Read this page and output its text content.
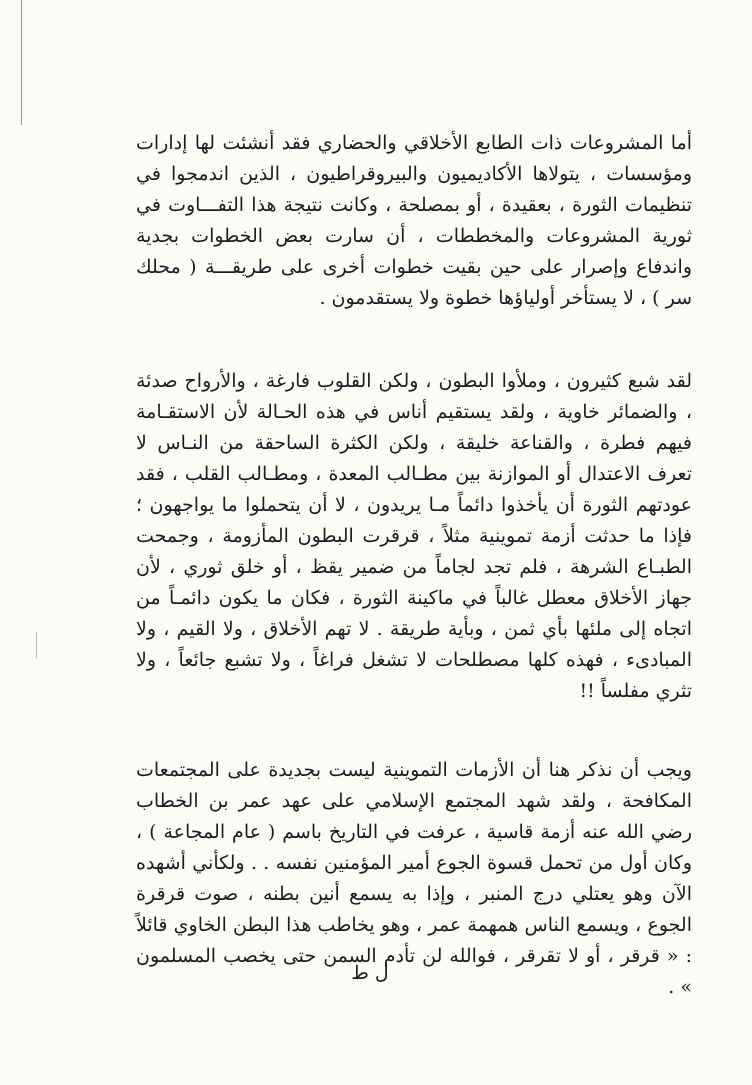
أما المشروعات ذات الطابع الأخلاقي والحضاري فقد أنشئت لها إدارات ومؤسسات ، يتولاها الأكاديميون والبيروقراطيون ، الذين اندمجوا في تنظيمات الثورة ، بعقيدة ، أو بمصلحة ، وكانت نتيجة هذا التفـــاوت في ثورية المشروعات والمخططات ، أن سارت بعض الخطوات بجدية واندفاع وإصرار على حين بقيت خطوات أخرى على طريقـــة ( محلك سر ) ، لا يستأخر أولياؤها خطوة ولا يستقدمون .

لقد شبع كثيرون ، وملأوا البطون ، ولكن القلوب فارغة ، والأرواح صدئة ، والضمائر خاوية ، ولقد يستقيم أناس في هذه الحـالة لأن الاستقـامة فيهم فطرة ، والقناعة خليقة ، ولكن الكثرة الساحقة من النـاس لا تعرف الاعتدال أو الموازنة بين مطـالب المعدة ، ومطـالب القلب ، فقد عودتهم الثورة أن يأخذوا دائماً مـا يريدون ، لا أن يتحملوا ما يواجهون ؛ فإذا ما حدثت أزمة تموينية مثلاً ، قرقرت البطون المأزومة ، وجمحت الطبـاع الشرهة ، فلم تجد لجاماً من ضمير يقظ ، أو خلق ثوري ، لأن جهاز الأخلاق معطل غالباً في ماكينة الثورة ، فكان ما يكون دائمـاً من اتجاه إلى ملئها بأي ثمن ، وبأية طريقة . لا تهم الأخلاق ، ولا القيم ، ولا المبادىء ، فهذه كلها مصطلحات لا تشغل فراغاً ، ولا تشبع جائعاً ، ولا تثري مفلساً !!

ويجب أن نذكر هنا أن الأزمات التموينية ليست بجديدة على المجتمعات المكافحة ، ولقد شهد المجتمع الإسلامي على عهد عمر بن الخطاب رضي الله عنه أزمة قاسية ، عرفت في التاريخ باسم ( عام المجاعة ) ، وكان أول من تحمل قسوة الجوع أمير المؤمنين نفسه . . ولكأني أشهده الآن وهو يعتلي درج المنبر ، وإذا به يسمع أنين بطنه ، صوت قرقرة الجوع ، ويسمع الناس همهمة عمر ، وهو يخاطب هذا البطن الخاوي قائلاً : « قرقر ، أو لا تقرقر ، فوالله لن تأدم السمن حتى يخصب المسلمون » .

ل ط
